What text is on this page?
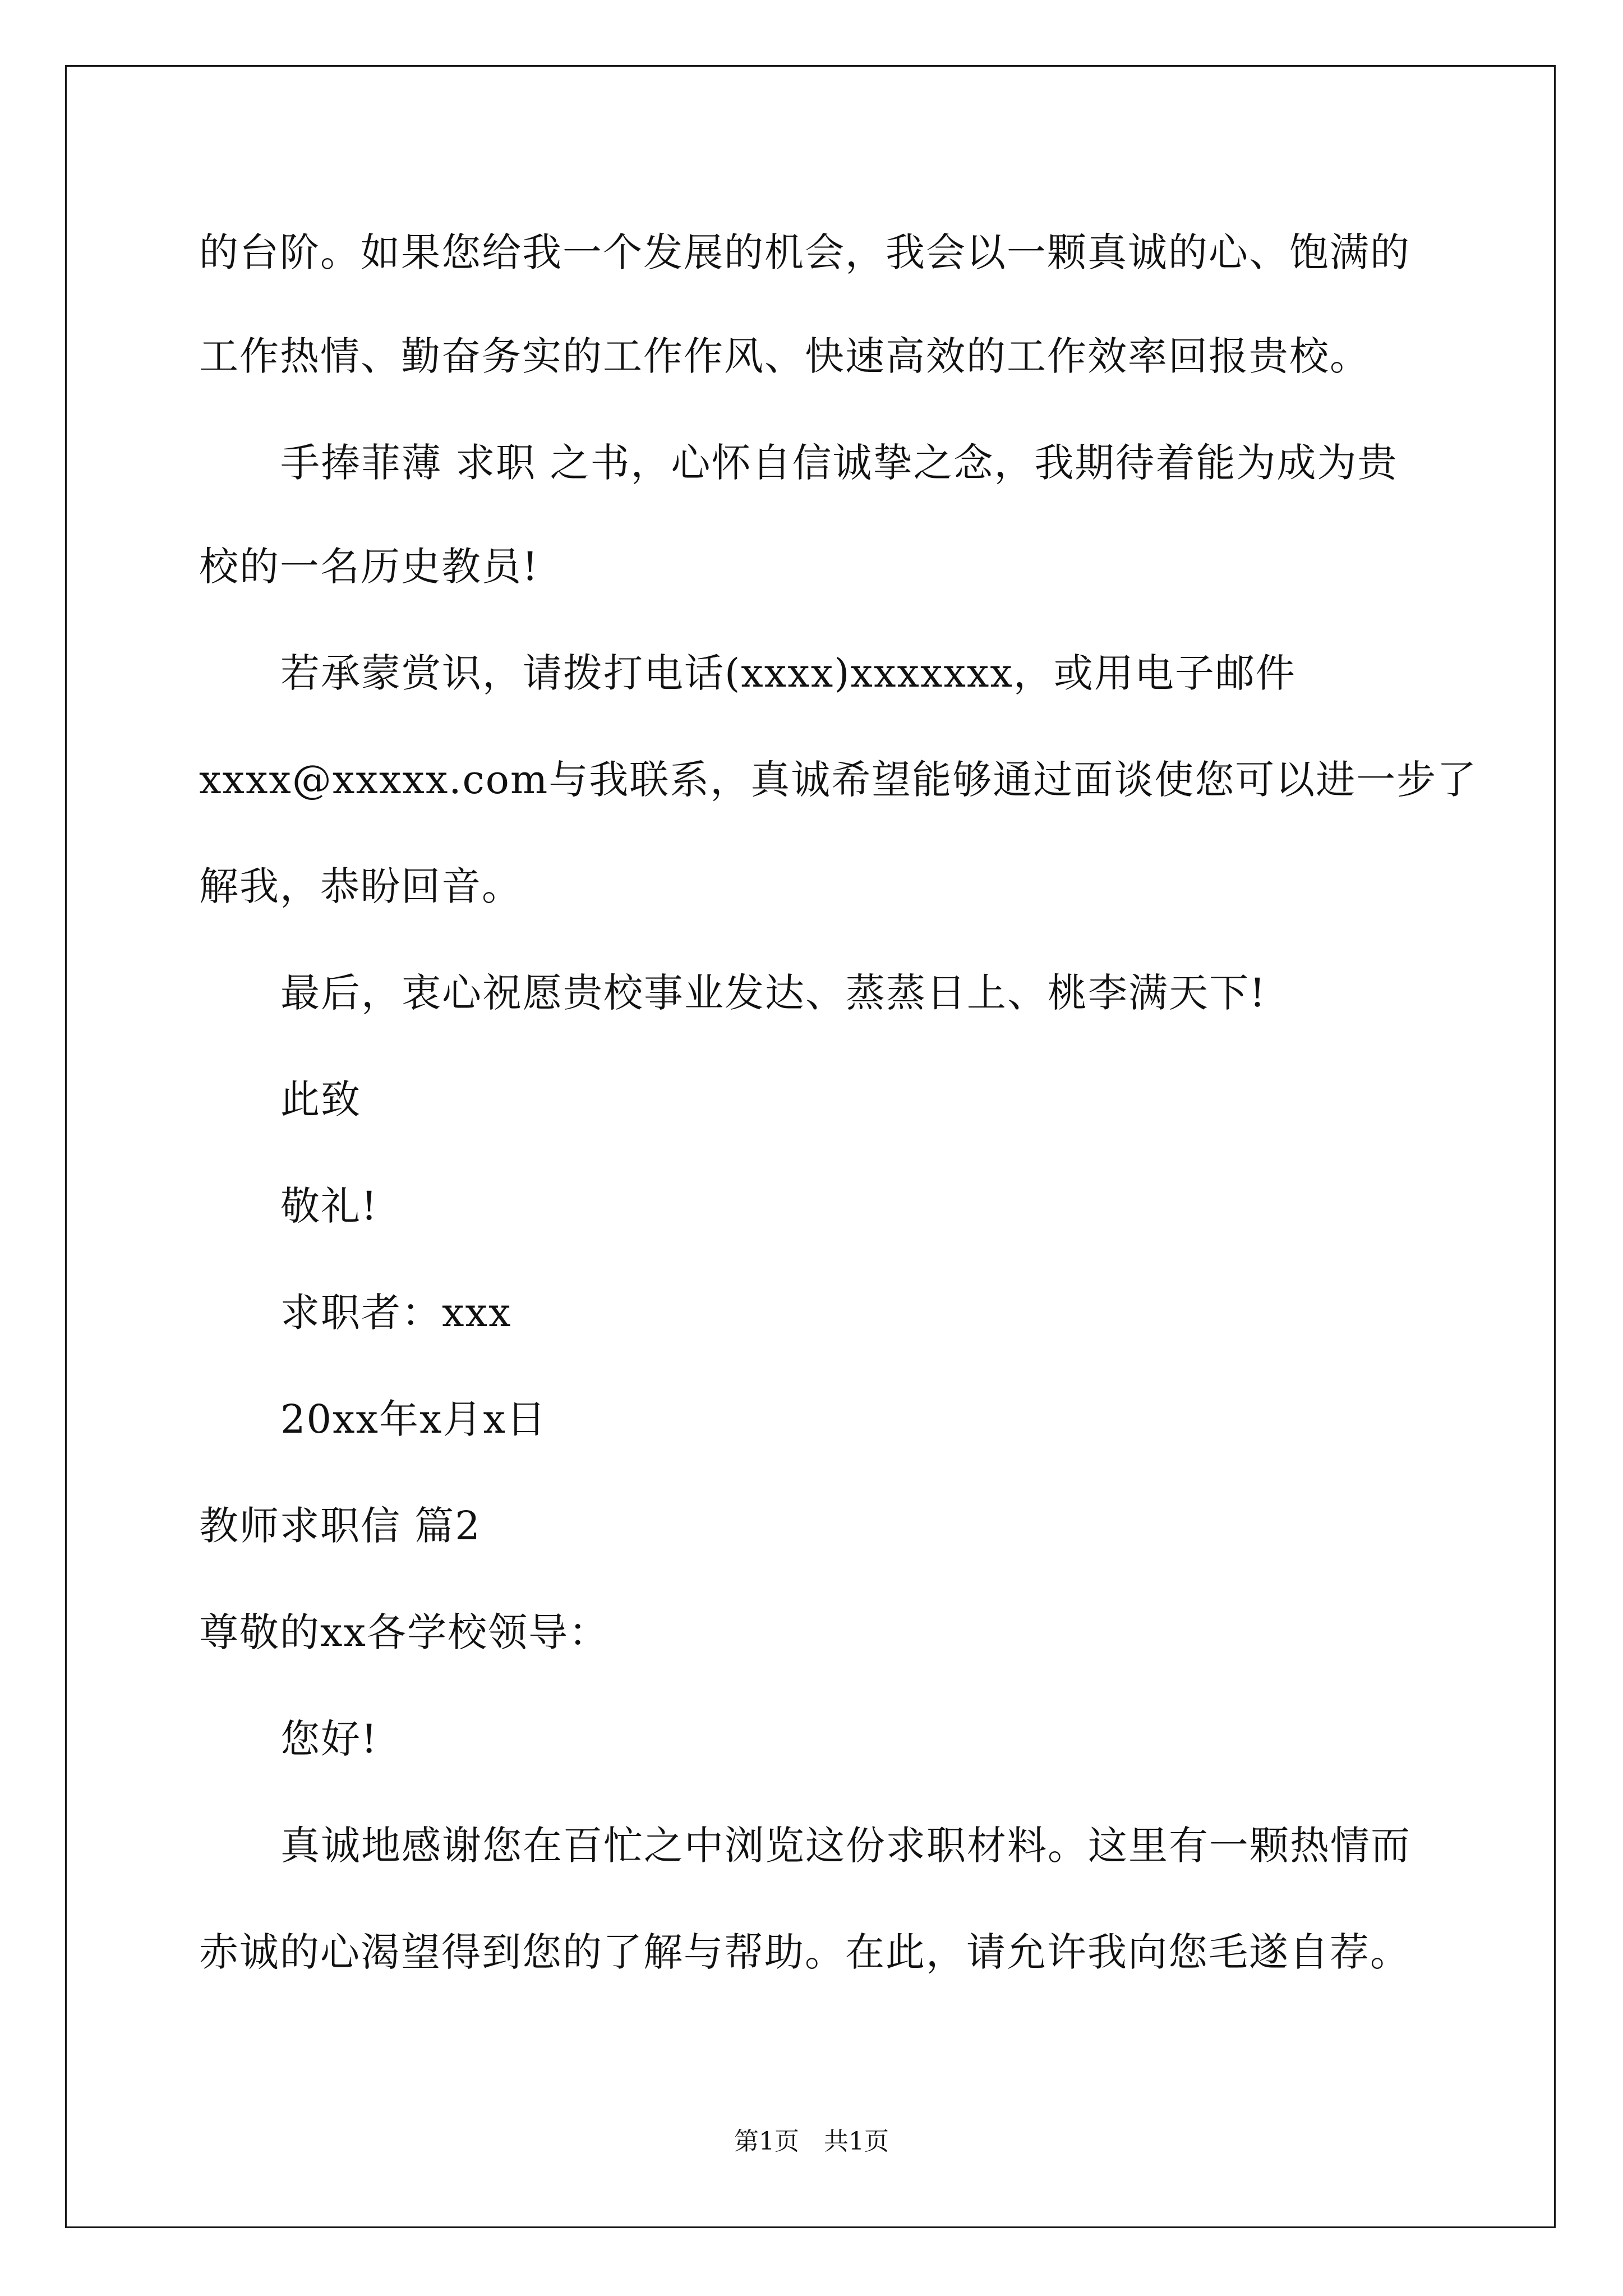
的台阶。如果您给我一个发展的机会，我会以一颗真诚的心、饱满的
工作热情、勤奋务实的工作作风、快速高效的工作效率回报贵校。
手捧菲薄 求职 之书，心怀自信诚挚之念，我期待着能为成为贵
校的一名历史教员!
若承蒙赏识，请拨打电话(xxxx)xxxxxxx，或用电子邮件
xxxx@xxxxx.com与我联系，真诚希望能够通过面谈使您可以进一步了
解我，恭盼回音。
最后，衷心祝愿贵校事业发达、蒸蒸日上、桃李满天下!
此致
敬礼!
求职者：xxx
20xx年x月x日
教师求职信 篇2
尊敬的xx各学校领导：
您好!
真诚地感谢您在百忙之中浏览这份求职材料。这里有一颗热情而
赤诚的心渴望得到您的了解与帮助。在此，请允许我向您毛遂自荐。
第1页　共1页
